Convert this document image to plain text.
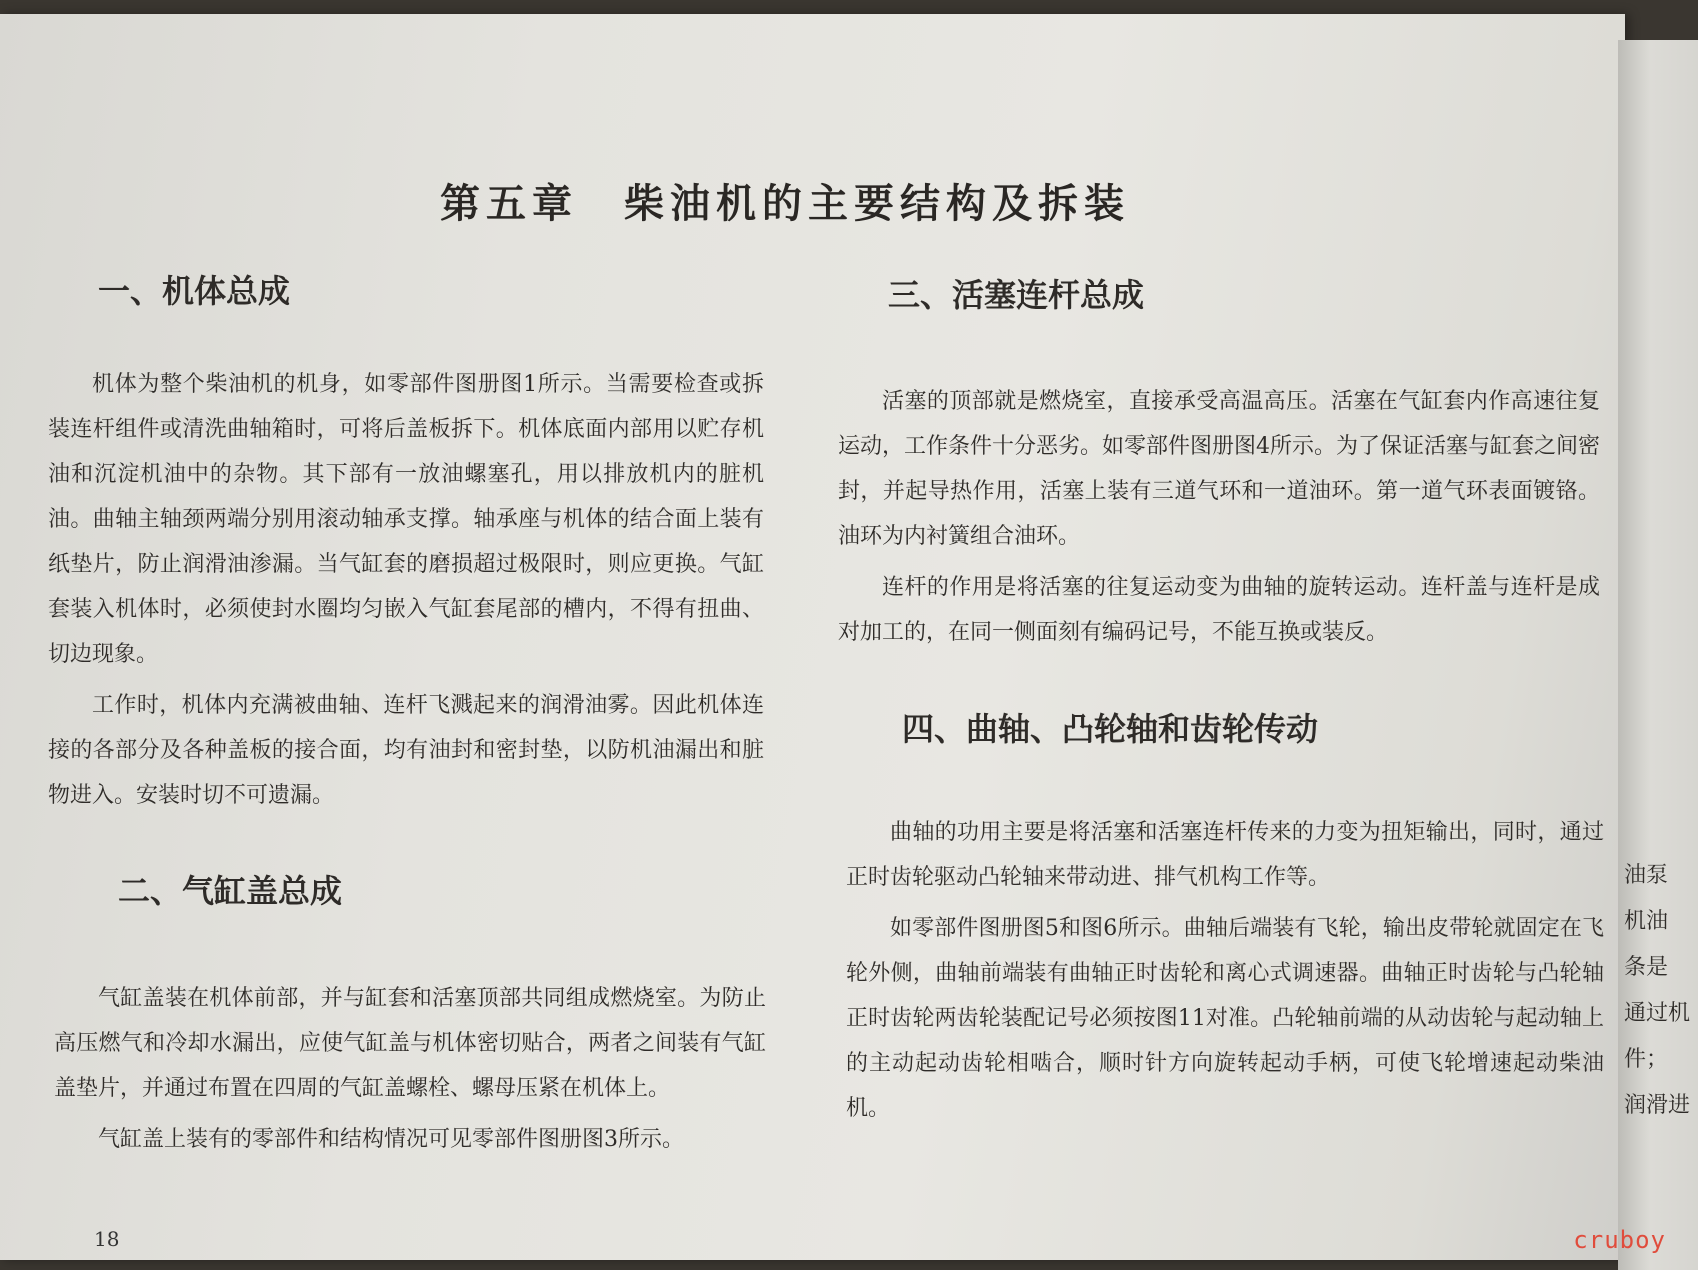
第五章　柴油机的主要结构及拆装
一、机体总成

机体为整个柴油机的机身，如零部件图册图1所示。当需要检查或拆装连杆组件或清洗曲轴箱时，可将后盖板拆下。机体底面内部用以贮存机油和沉淀机油中的杂物。其下部有一放油螺塞孔，用以排放机内的脏机油。曲轴主轴颈两端分别用滚动轴承支撑。轴承座与机体的结合面上装有纸垫片，防止润滑油渗漏。当气缸套的磨损超过极限时，则应更换。气缸套装入机体时，必须使封水圈均匀嵌入气缸套尾部的槽内，不得有扭曲、切边现象。

工作时，机体内充满被曲轴、连杆飞溅起来的润滑油雾。因此机体连接的各部分及各种盖板的接合面，均有油封和密封垫，以防机油漏出和脏物进入。安装时切不可遗漏。

二、气缸盖总成

气缸盖装在机体前部，并与缸套和活塞顶部共同组成燃烧室。为防止高压燃气和冷却水漏出，应使气缸盖与机体密切贴合，两者之间装有气缸盖垫片，并通过布置在四周的气缸盖螺栓、螺母压紧在机体上。

气缸盖上装有的零部件和结构情况可见零部件图册图3所示。

三、活塞连杆总成

活塞的顶部就是燃烧室，直接承受高温高压。活塞在气缸套内作高速往复运动，工作条件十分恶劣。如零部件图册图4所示。为了保证活塞与缸套之间密封，并起导热作用，活塞上装有三道气环和一道油环。第一道气环表面镀铬。油环为内衬簧组合油环。

连杆的作用是将活塞的往复运动变为曲轴的旋转运动。连杆盖与连杆是成对加工的，在同一侧面刻有编码记号，不能互换或装反。

四、曲轴、凸轮轴和齿轮传动

曲轴的功用主要是将活塞和活塞连杆传来的力变为扭矩输出，同时，通过正时齿轮驱动凸轮轴来带动进、排气机构工作等。

如零部件图册图5和图6所示。曲轴后端装有飞轮，输出皮带轮就固定在飞轮外侧，曲轴前端装有曲轴正时齿轮和离心式调速器。曲轴正时齿轮与凸轮轴正时齿轮两齿轮装配记号必须按图11对准。凸轮轴前端的从动齿轮与起动轴上的主动起动齿轮相啮合，顺时针方向旋转起动手柄，可使飞轮增速起动柴油机。

18
油泵
机油
条是
通过机
件；
润滑进
cruboy
